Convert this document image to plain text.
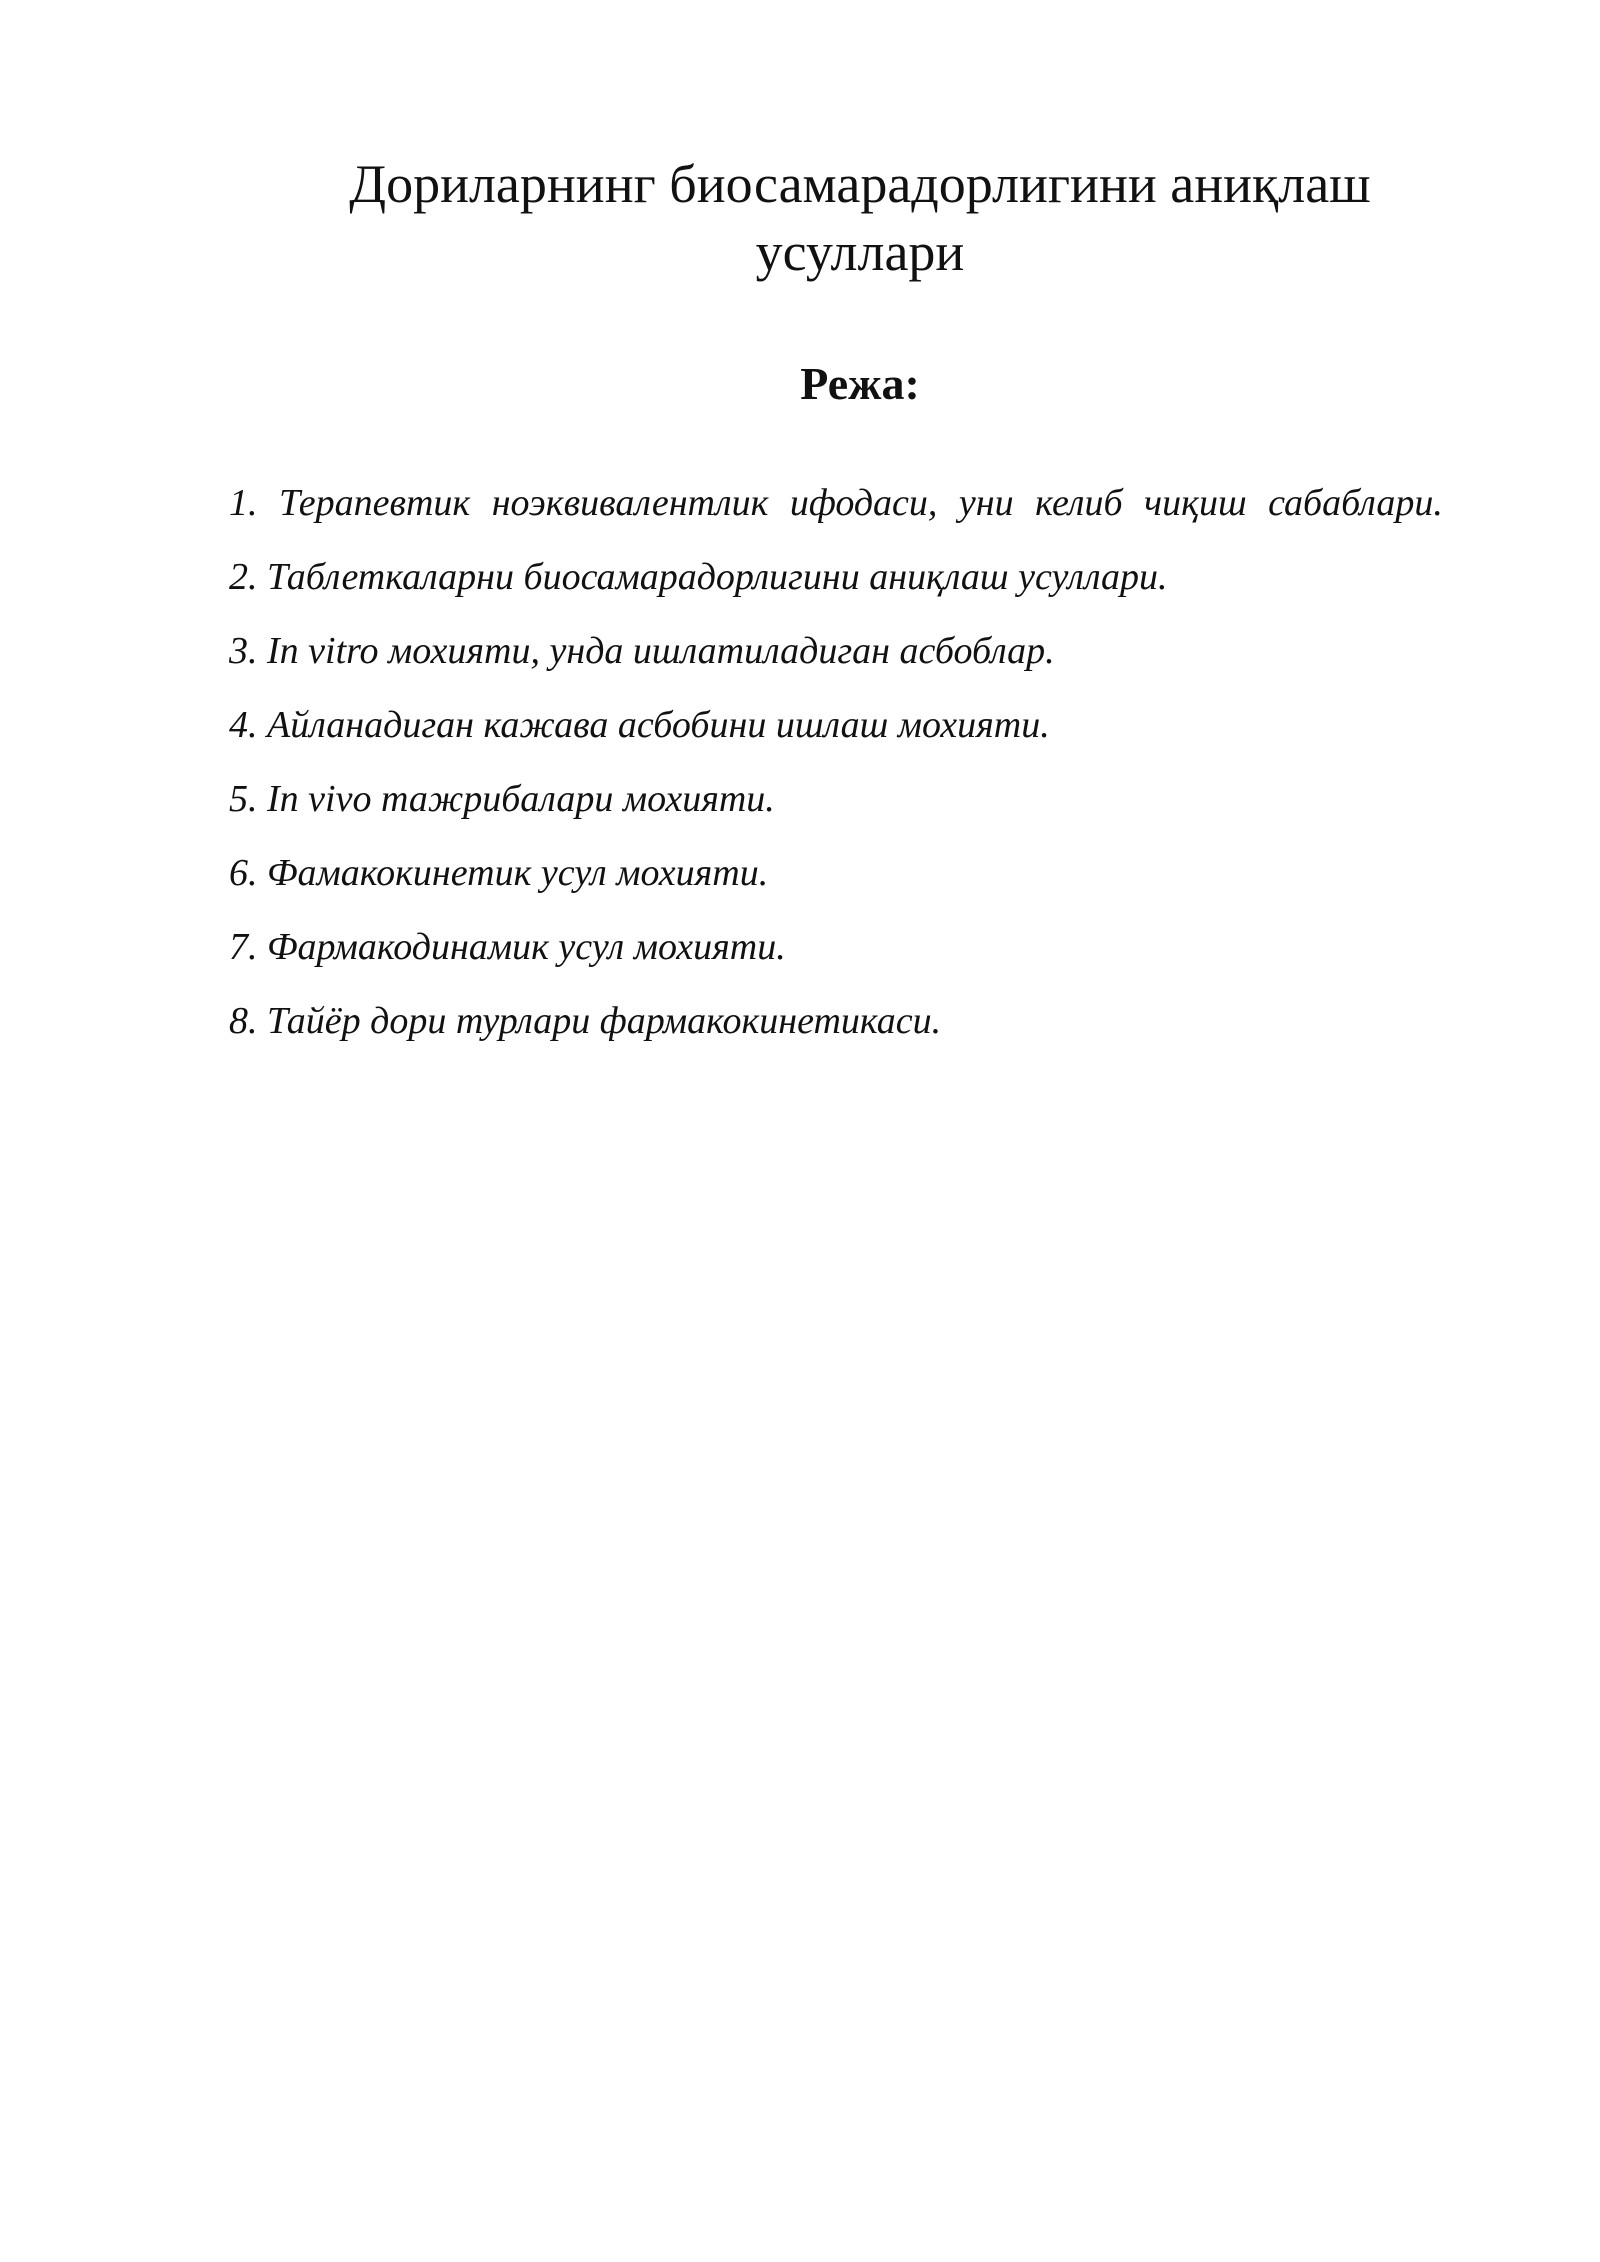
Дориларнинг биосамарадорлигини аниқлаш усуллари
Режа:
1. Терапевтик ноэквивалентлик ифодаси, уни келиб чиқиш сабаблари.
2. Таблеткаларни биосамарадорлигини аниқлаш усуллари.
3. In vitro мохияти, унда ишлатиладиган асбоблар.
4. Айланадиган кажава асбобини ишлаш мохияти.
5. In vivo тажрибалари мохияти.
6. Фамакокинетик усул мохияти.
7. Фармакодинамик усул мохияти.
8. Тайёр дори турлари фармакокинетикаси.
